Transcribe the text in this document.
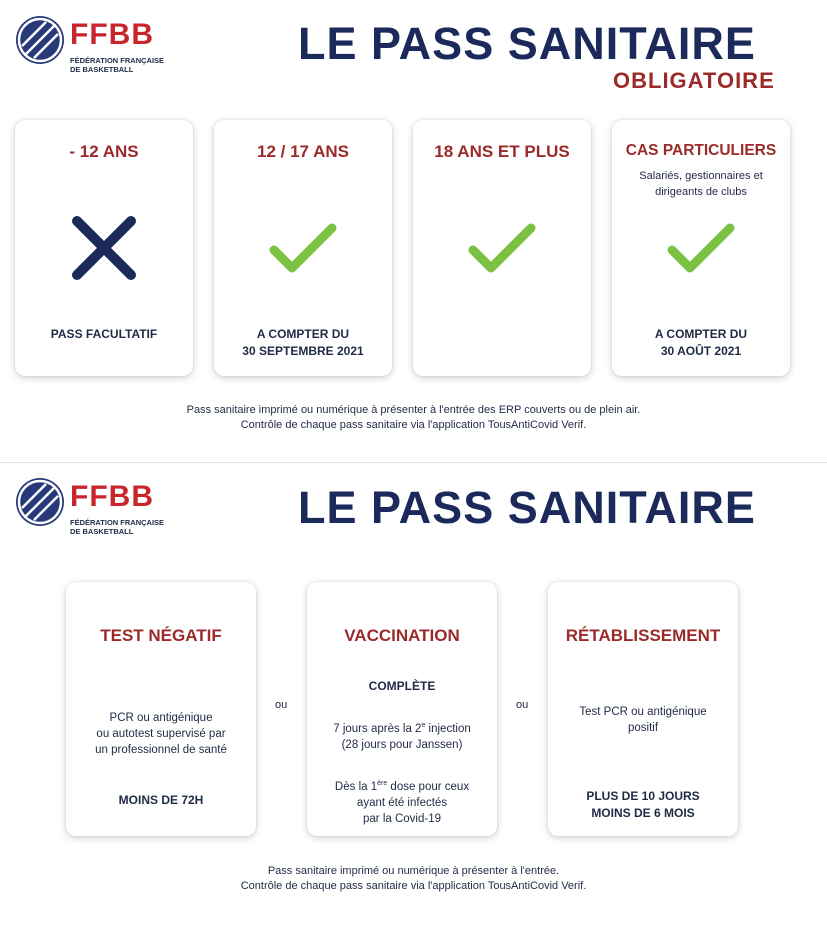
FFBB
FÉDÉRATION FRANÇAISE
DE BASKETBALL
LE PASS SANITAIRE
OBLIGATOIRE
- 12 ANS
PASS FACULTATIF
12 / 17 ANS
A COMPTER DU
30 SEPTEMBRE 2021
18 ANS ET PLUS	CAS PARTICULIERS
Salariés, gestionnaires et
dirigeants de clubs
A COMPTER DU
30 AOÛT 2021
Pass sanitaire imprimé ou numérique à présenter à l'entrée des ERP couverts ou de plein air.
Contrôle de chaque pass sanitaire via l'application TousAntiCovid Verif.
FFBB
FÉDÉRATION FRANÇAISE
DE BASKETBALL	LE PASS SANITAIRE
TEST NÉGATIF
PCR ou antigénique
ou autotest supervisé par
un professionnel de santé
MOINS DE 72H
ou
VACCINATION
COMPLÈTE
7 jours après la 2e injection
(28 jours pour Janssen)
Dès la 1ère dose pour ceux
ayant été infectés
par la Covid-19
ou
RÉTABLISSEMENT
Test PCR ou antigénique
positif
PLUS DE 10 JOURS
MOINS DE 6 MOIS
Pass sanitaire imprimé ou numérique à présenter à l'entrée.
Contrôle de chaque pass sanitaire via l'application TousAntiCovid Verif.
